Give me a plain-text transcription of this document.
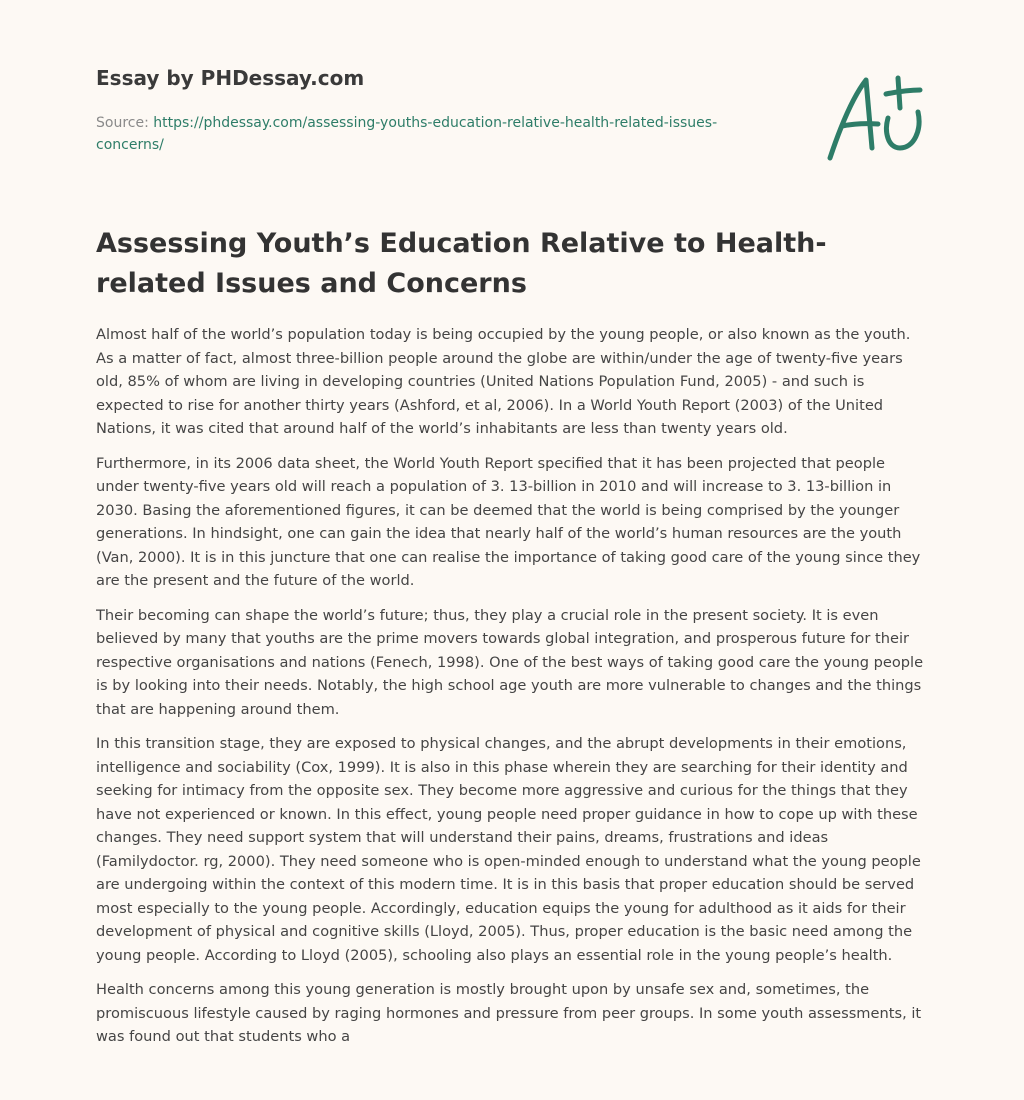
Essay by PHDessay.com
Source: https://phdessay.com/assessing-youths-education-relative-health-related-issues-concerns/
Assessing Youth’s Education Relative to Health-related Issues and Concerns

Almost half of the world’s population today is being occupied by the young people, or also known as the youth. As a matter of fact, almost three-billion people around the globe are within/under the age of twenty-five years old, 85% of whom are living in developing countries (United Nations Population Fund, 2005) - and such is expected to rise for another thirty years (Ashford, et al, 2006). In a World Youth Report (2003) of the United Nations, it was cited that around half of the world’s inhabitants are less than twenty years old.

Furthermore, in its 2006 data sheet, the World Youth Report specified that it has been projected that people under twenty-five years old will reach a population of 3. 13-billion in 2010 and will increase to 3. 13-billion in 2030. Basing the aforementioned figures, it can be deemed that the world is being comprised by the younger generations. In hindsight, one can gain the idea that nearly half of the world’s human resources are the youth (Van, 2000). It is in this juncture that one can realise the importance of taking good care of the young since they are the present and the future of the world.

Their becoming can shape the world’s future; thus, they play a crucial role in the present society. It is even believed by many that youths are the prime movers towards global integration, and prosperous future for their respective organisations and nations (Fenech, 1998). One of the best ways of taking good care the young people is by looking into their needs. Notably, the high school age youth are more vulnerable to changes and the things that are happening around them.

In this transition stage, they are exposed to physical changes, and the abrupt developments in their emotions, intelligence and sociability (Cox, 1999). It is also in this phase wherein they are searching for their identity and seeking for intimacy from the opposite sex. They become more aggressive and curious for the things that they have not experienced or known. In this effect, young people need proper guidance in how to cope up with these changes. They need support system that will understand their pains, dreams, frustrations and ideas (Familydoctor. rg, 2000). They need someone who is open-minded enough to understand what the young people are undergoing within the context of this modern time. It is in this basis that proper education should be served most especially to the young people. Accordingly, education equips the young for adulthood as it aids for their development of physical and cognitive skills (Lloyd, 2005). Thus, proper education is the basic need among the young people. According to Lloyd (2005), schooling also plays an essential role in the young people’s health.

Health concerns among this young generation is mostly brought upon by unsafe sex and, sometimes, the promiscuous lifestyle caused by raging hormones and pressure from peer groups. In some youth assessments, it was found out that students who a
